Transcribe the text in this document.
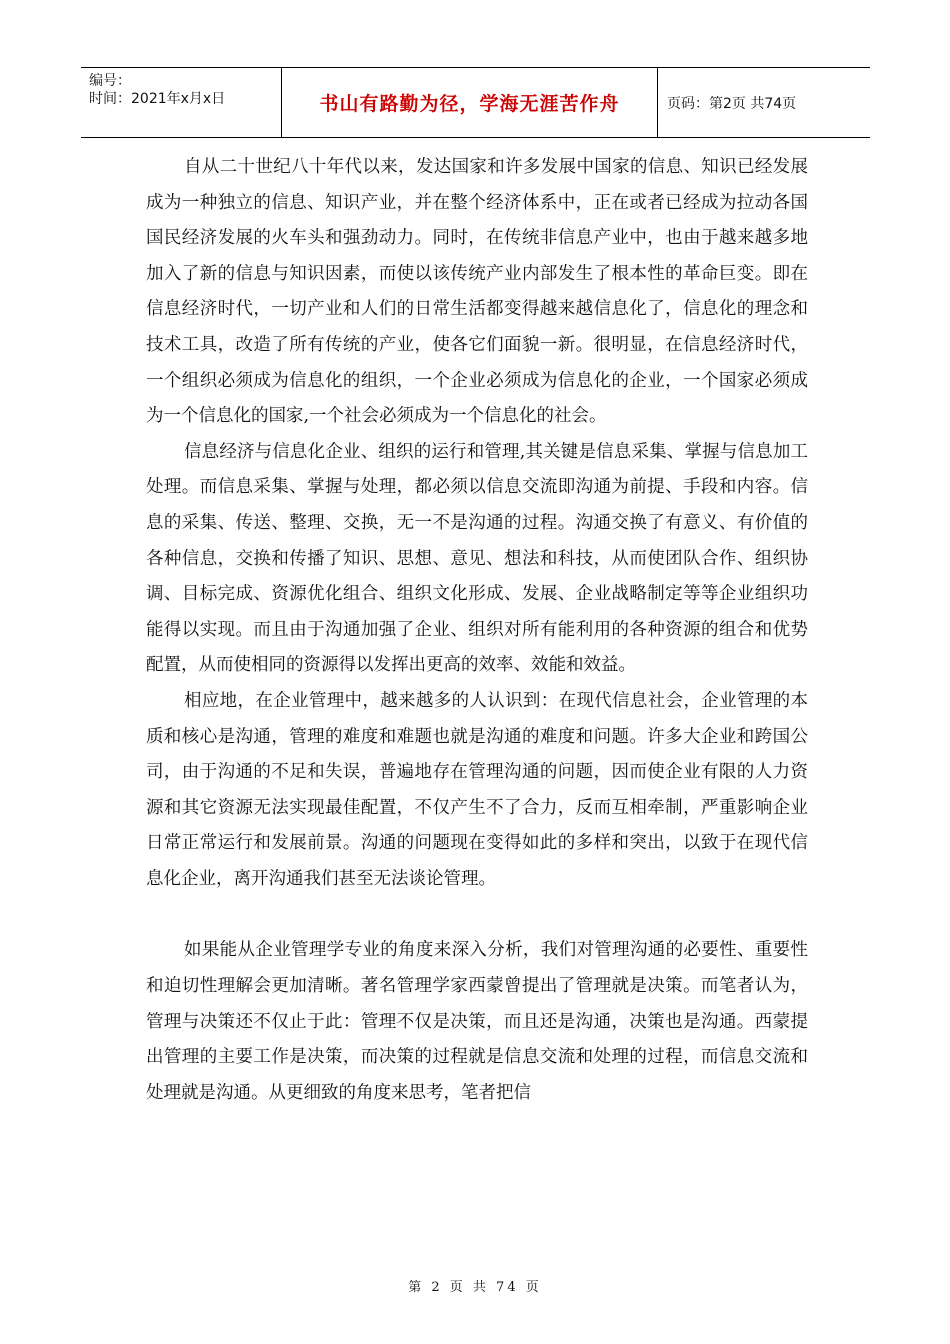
编号：
时间：2021年x月x日	书山有路勤为径，学海无涯苦作舟	页码：第2页 共74页

自从二十世纪八十年代以来，发达国家和许多发展中国家的信息、知识已经发展成为一种独立的信息、知识产业，并在整个经济体系中，正在或者已经成为拉动各国国民经济发展的火车头和强劲动力。同时，在传统非信息产业中，也由于越来越多地加入了新的信息与知识因素，而使以该传统产业内部发生了根本性的革命巨变。即在信息经济时代，一切产业和人们的日常生活都变得越来越信息化了，信息化的理念和技术工具，改造了所有传统的产业，使各它们面貌一新。很明显，在信息经济时代，一个组织必须成为信息化的组织，一个企业必须成为信息化的企业，一个国家必须成为一个信息化的国家,一个社会必须成为一个信息化的社会。

信息经济与信息化企业、组织的运行和管理,其关键是信息采集、掌握与信息加工处理。而信息采集、掌握与处理，都必须以信息交流即沟通为前提、手段和内容。信息的采集、传送、整理、交换，无一不是沟通的过程。沟通交换了有意义、有价值的各种信息，交换和传播了知识、思想、意见、想法和科技，从而使团队合作、组织协调、目标完成、资源优化组合、组织文化形成、发展、企业战略制定等等企业组织功能得以实现。而且由于沟通加强了企业、组织对所有能利用的各种资源的组合和优势配置，从而使相同的资源得以发挥出更高的效率、效能和效益。

相应地，在企业管理中，越来越多的人认识到：在现代信息社会，企业管理的本质和核心是沟通，管理的难度和难题也就是沟通的难度和问题。许多大企业和跨国公司，由于沟通的不足和失误，普遍地存在管理沟通的问题，因而使企业有限的人力资源和其它资源无法实现最佳配置，不仅产生不了合力，反而互相牵制，严重影响企业日常正常运行和发展前景。沟通的问题现在变得如此的多样和突出，以致于在现代信息化企业，离开沟通我们甚至无法谈论管理。

如果能从企业管理学专业的角度来深入分析，我们对管理沟通的必要性、重要性和迫切性理解会更加清晰。著名管理学家西蒙曾提出了管理就是决策。而笔者认为，管理与决策还不仅止于此：管理不仅是决策，而且还是沟通，决策也是沟通。西蒙提出管理的主要工作是决策，而决策的过程就是信息交流和处理的过程，而信息交流和处理就是沟通。从更细致的角度来思考，笔者把信

第 2 页 共 74 页
